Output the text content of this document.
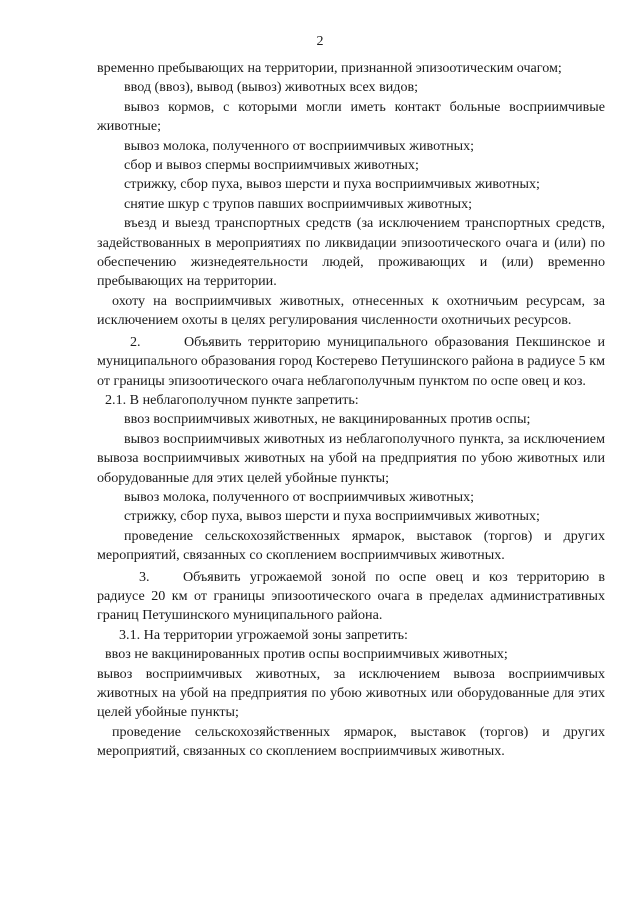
2

временно пребывающих на территории, признанной эпизоотическим очагом;

ввод (ввоз), вывод (вывоз) животных всех видов;

вывоз кормов, с которыми могли иметь контакт больные восприимчивые животные;

вывоз молока, полученного от восприимчивых животных;

сбор и вывоз спермы восприимчивых животных;

стрижку, сбор пуха, вывоз шерсти и пуха восприимчивых животных;

снятие шкур с трупов павших восприимчивых животных;

въезд и выезд транспортных средств (за исключением транспортных средств, задействованных в мероприятиях по ликвидации эпизоотического очага и (или) по обеспечению жизнедеятельности людей, проживающих и (или) временно пребывающих на территории.

охоту на восприимчивых животных, отнесенных к охотничьим ресурсам, за исключением охоты в целях регулирования численности охотничьих ресурсов.

2.	Объявить территорию муниципального образования Пекшинское и муниципального образования город Костерево Петушинского района в радиусе 5 км от границы эпизоотического очага неблагополучным пунктом по оспе овец и коз.

2.1. В неблагополучном пункте запретить:

ввоз восприимчивых животных, не вакцинированных против оспы;

вывоз восприимчивых животных из неблагополучного пункта, за исключением вывоза восприимчивых животных на убой на предприятия по убою животных или оборудованные для этих целей убойные пункты;

вывоз молока, полученного от восприимчивых животных;

стрижку, сбор пуха, вывоз шерсти и пуха восприимчивых животных;

проведение сельскохозяйственных ярмарок, выставок (торгов) и других мероприятий, связанных со скоплением восприимчивых животных.

3. Объявить угрожаемой зоной по оспе овец и коз территорию в радиусе 20 км от границы эпизоотического очага в пределах административных границ Петушинского муниципального района.

3.1. На территории угрожаемой зоны запретить:

ввоз не вакцинированных против оспы восприимчивых животных;

вывоз восприимчивых животных, за исключением вывоза восприимчивых животных на убой на предприятия по убою животных или оборудованные для этих целей убойные пункты;

проведение сельскохозяйственных ярмарок, выставок (торгов) и других мероприятий, связанных со скоплением восприимчивых животных.
